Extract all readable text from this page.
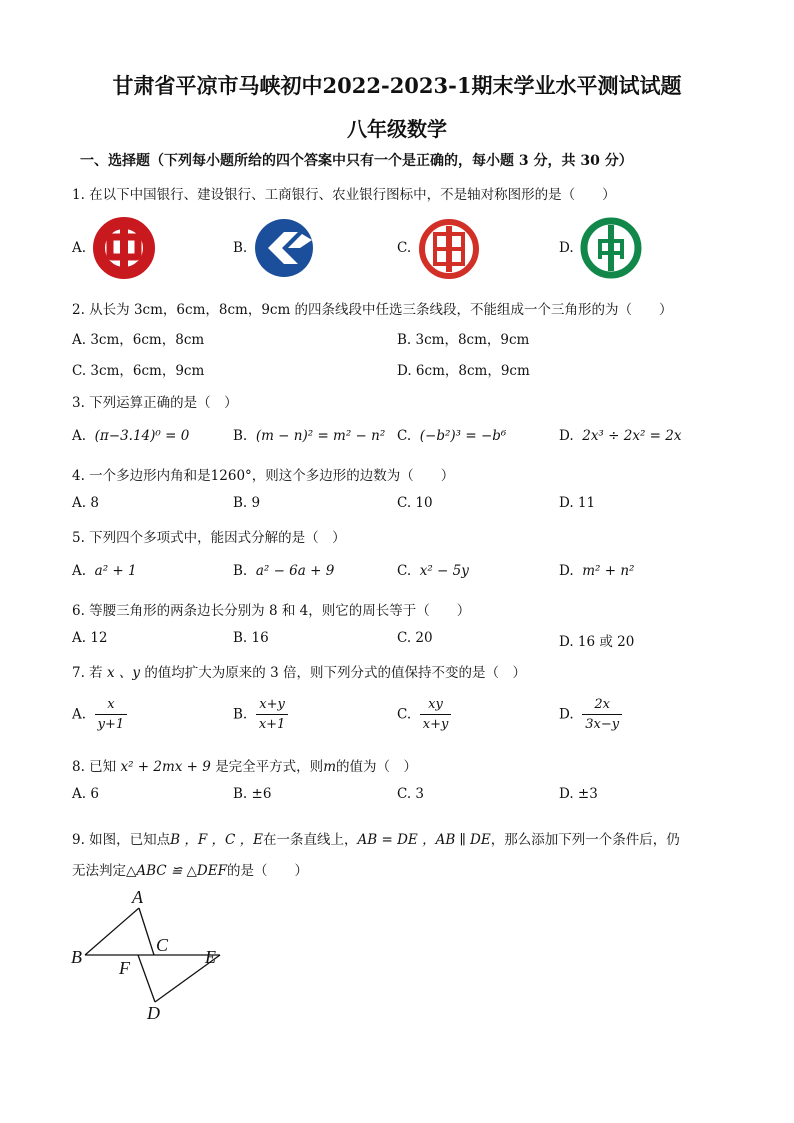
甘肃省平凉市马峡初中2022-2023-1期末学业水平测试试题
八年级数学
一、选择题（下列每小题所给的四个答案中只有一个是正确的，每小题 3 分，共 30 分）
1. 在以下中国银行、建设银行、工商银行、农业银行图标中，不是轴对称图形的是（　　）
A.	B.	C.	D.
2. 从长为 3cm，6cm，8cm，9cm 的四条线段中任选三条线段，不能组成一个三角形的为（　　）
A. 3cm，6cm，8cm	B. 3cm，8cm，9cm
C. 3cm，6cm，9cm	D. 6cm，8cm，9cm
3. 下列运算正确的是（　）
A. (π−3.14)⁰ = 0	B. (m − n)² = m² − n² C. (−b²)³ = −b⁶	D. 2x³ ÷ 2x² = 2x
4. 一个多边形内角和是1260°，则这个多边形的边数为（　　）
A. 8	B. 9	C. 10	D. 11
5. 下列四个多项式中，能因式分解的是（　）
A. a² + 1	B. a² − 6a + 9	C. x² − 5y	D. m² + n²
6. 等腰三角形的两条边长分别为 8 和 4，则它的周长等于（　　）
A. 12	B. 16	C. 20	D. 16 或 20
7. 若 x 、y 的值均扩大为原来的 3 倍，则下列分式的值保持不变的是（　）
A. $\frac{x}{y+1}$	B. $\frac{x+y}{x+1}$	C. $\frac{xy}{x+y}$	D. $\frac{2x}{3x-y}$
8. 已知 x² + 2mx + 9 是完全平方式，则m的值为（　）
A. 6	B. ±6	C. 3	D. ±3
9. 如图，已知点B ，F ，C ，E在一条直线上，AB = DE ，AB ∥ DE，那么添加下列一个条件后，仍
无法判定△ABC ≌ △DEF的是（　　）
A
B
C
F
E
D
